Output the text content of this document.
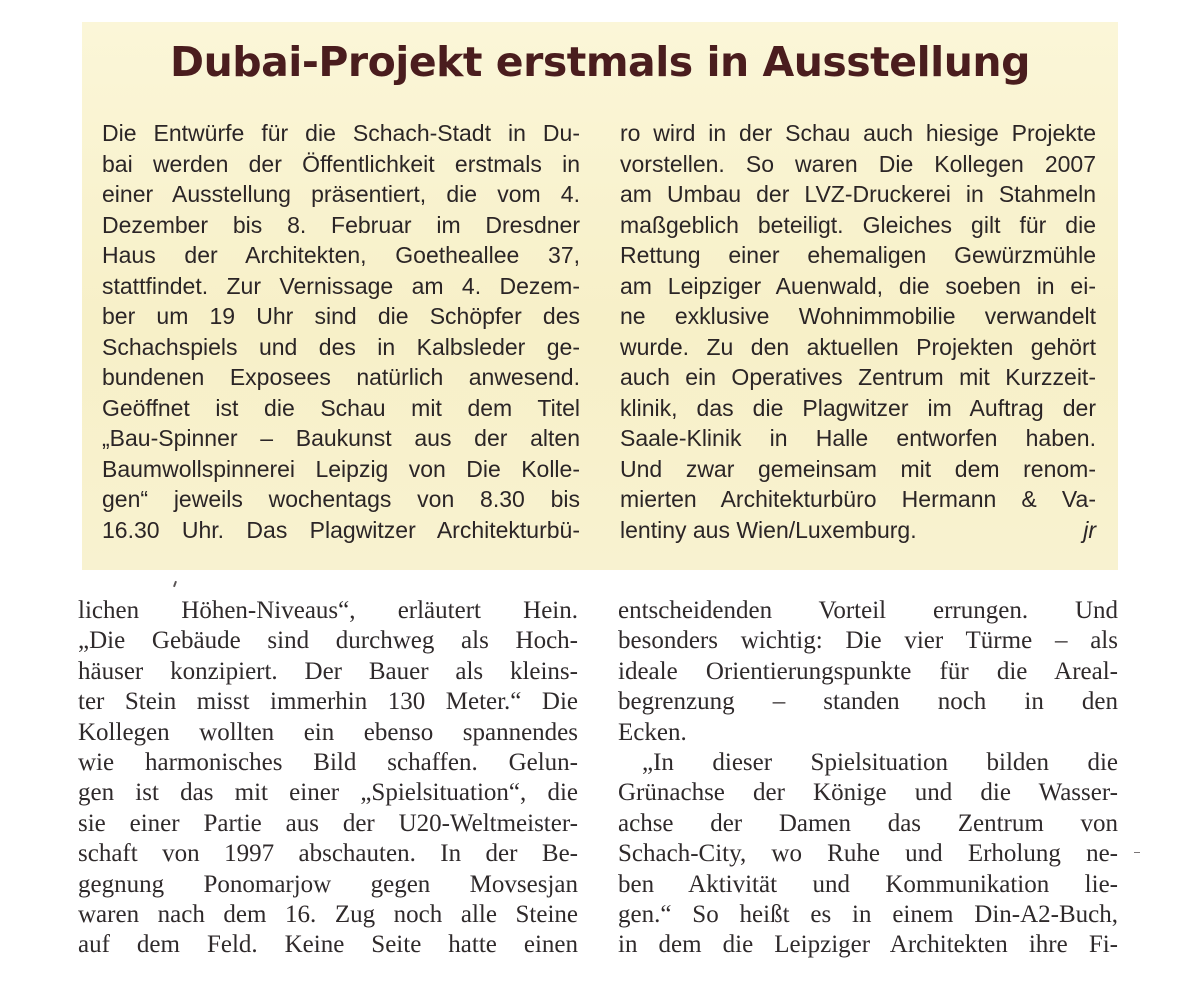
Dubai-Projekt erstmals in Ausstellung
Die Entwürfe für die Schach-Stadt in Du-
bai werden der Öffentlichkeit erstmals in
einer Ausstellung präsentiert, die vom 4.
Dezember bis 8. Februar im Dresdner
Haus der Architekten, Goetheallee 37,
stattfindet. Zur Vernissage am 4. Dezem-
ber um 19 Uhr sind die Schöpfer des
Schachspiels und des in Kalbsleder ge-
bundenen Exposees natürlich anwesend.
Geöffnet ist die Schau mit dem Titel
„Bau-Spinner – Baukunst aus der alten
Baumwollspinnerei Leipzig von Die Kolle-
gen“ jeweils wochentags von 8.30 bis
16.30 Uhr. Das Plagwitzer Architekturbü-
ro wird in der Schau auch hiesige Projekte
vorstellen. So waren Die Kollegen 2007
am Umbau der LVZ-Druckerei in Stahmeln
maßgeblich beteiligt. Gleiches gilt für die
Rettung einer ehemaligen Gewürzmühle
am Leipziger Auenwald, die soeben in ei-
ne exklusive Wohnimmobilie verwandelt
wurde. Zu den aktuellen Projekten gehört
auch ein Operatives Zentrum mit Kurzzeit-
klinik, das die Plagwitzer im Auftrag der
Saale-Klinik in Halle entworfen haben.
Und zwar gemeinsam mit dem renom-
mierten Architekturbüro Hermann & Va-
lentiny aus Wien/Luxemburg.	jr
lichen Höhen-Niveaus“, erläutert Hein.
„Die Gebäude sind durchweg als Hoch-
häuser konzipiert. Der Bauer als kleins-
ter Stein misst immerhin 130 Meter.“ Die
Kollegen wollten ein ebenso spannendes
wie harmonisches Bild schaffen. Gelun-
gen ist das mit einer „Spielsituation“, die
sie einer Partie aus der U20-Weltmeister-
schaft von 1997 abschauten. In der Be-
gegnung Ponomarjow gegen Movsesjan
waren nach dem 16. Zug noch alle Steine
auf dem Feld. Keine Seite hatte einen
entscheidenden Vorteil errungen. Und
besonders wichtig: Die vier Türme – als
ideale Orientierungspunkte für die Areal-
begrenzung – standen noch in den
Ecken.
„In dieser Spielsituation bilden die
Grünachse der Könige und die Wasser-
achse der Damen das Zentrum von
Schach-City, wo Ruhe und Erholung ne-
ben Aktivität und Kommunikation lie-
gen.“ So heißt es in einem Din-A2-Buch,
in dem die Leipziger Architekten ihre Fi-
